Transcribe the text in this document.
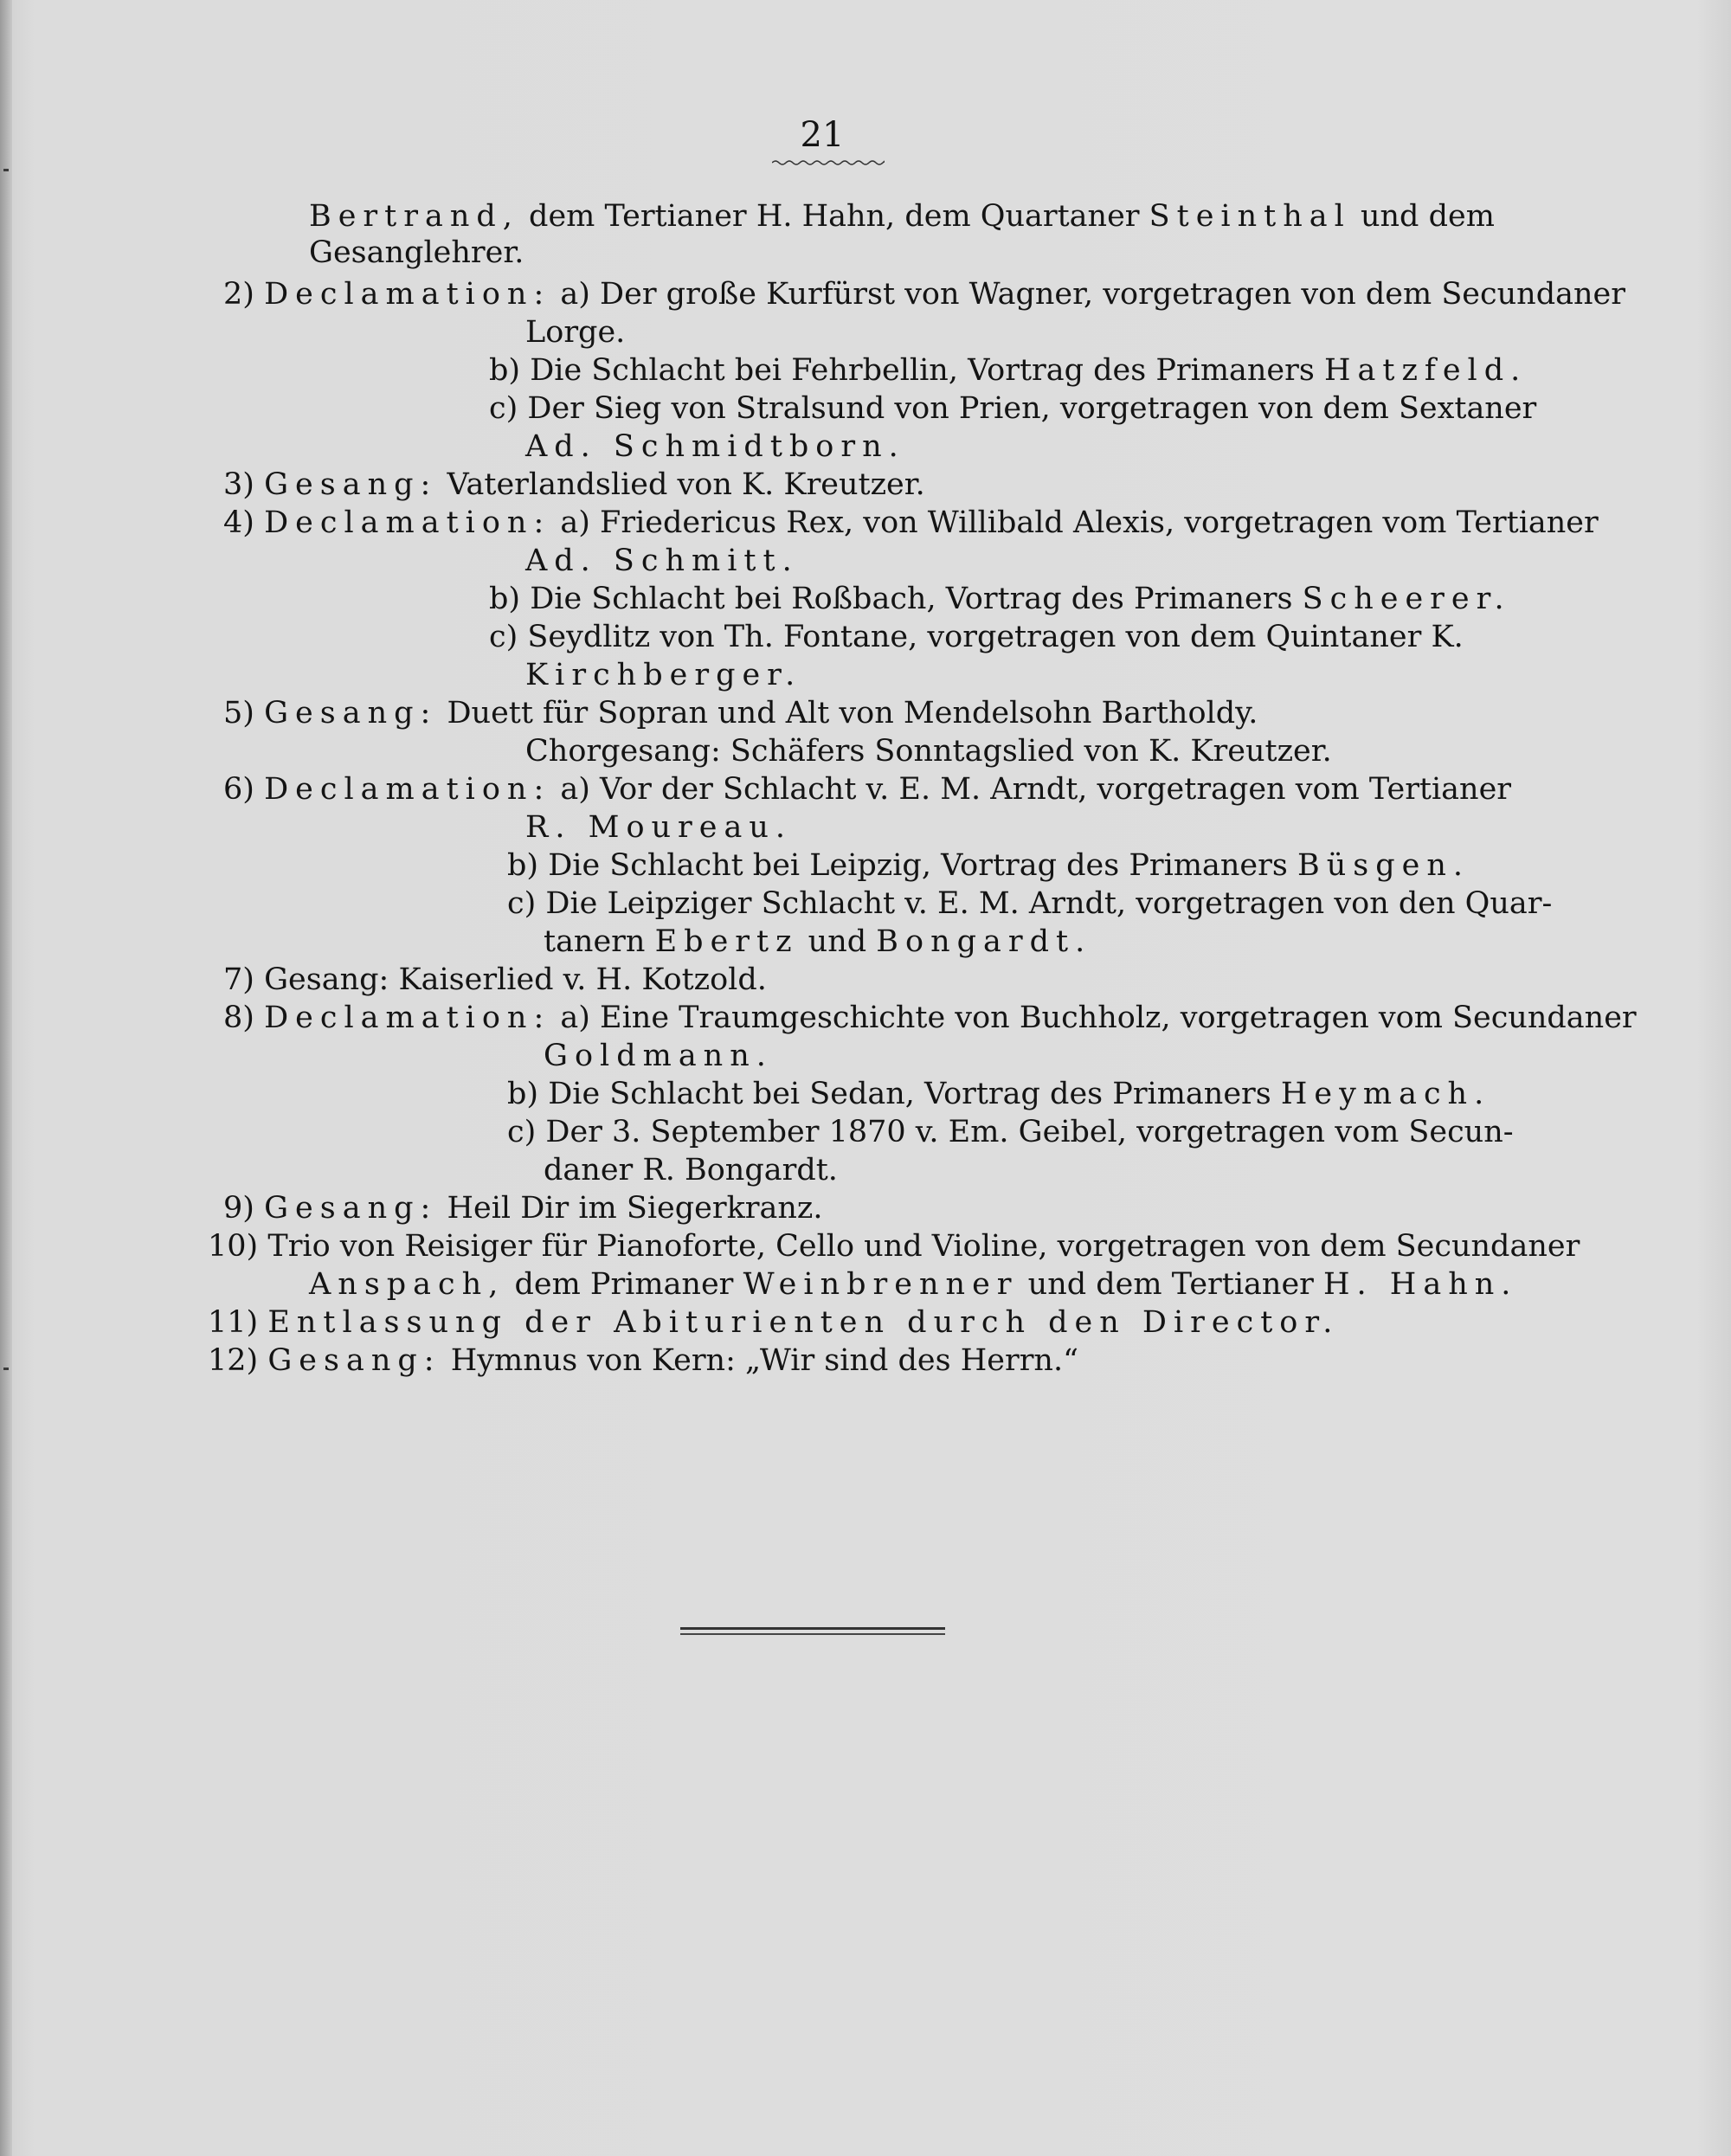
21
Bertrand, dem Tertianer H. Hahn, dem Quartaner Steinthal und dem
Gesanglehrer.
2) Declamation: a) Der große Kurfürst von Wagner, vorgetragen von dem Secundaner
Lorge.
b) Die Schlacht bei Fehrbellin, Vortrag des Primaners Hatzfeld.
c) Der Sieg von Stralsund von Prien, vorgetragen von dem Sextaner
Ad. Schmidtborn.
3) Gesang: Vaterlandslied von K. Kreutzer.
4) Declamation: a) Friedericus Rex, von Willibald Alexis, vorgetragen vom Tertianer
Ad. Schmitt.
b) Die Schlacht bei Roßbach, Vortrag des Primaners Scheerer.
c) Seydlitz von Th. Fontane, vorgetragen von dem Quintaner K.
Kirchberger.
5) Gesang: Duett für Sopran und Alt von Mendelsohn Bartholdy.
Chorgesang: Schäfers Sonntagslied von K. Kreutzer.
6) Declamation: a) Vor der Schlacht v. E. M. Arndt, vorgetragen vom Tertianer
R. Moureau.
b) Die Schlacht bei Leipzig, Vortrag des Primaners Büsgen.
c) Die Leipziger Schlacht v. E. M. Arndt, vorgetragen von den Quar-
tanern Ebertz und Bongardt.
7) Gesang: Kaiserlied v. H. Kotzold.
8) Declamation: a) Eine Traumgeschichte von Buchholz, vorgetragen vom Secundaner
Goldmann.
b) Die Schlacht bei Sedan, Vortrag des Primaners Heymach.
c) Der 3. September 1870 v. Em. Geibel, vorgetragen vom Secun-
daner R. Bongardt.
9) Gesang: Heil Dir im Siegerkranz.
10) Trio von Reisiger für Pianoforte, Cello und Violine, vorgetragen von dem Secundaner
Anspach, dem Primaner Weinbrenner und dem Tertianer H. Hahn.
11) Entlassung der Abiturienten durch den Director.
12) Gesang: Hymnus von Kern: „Wir sind des Herrn.“
